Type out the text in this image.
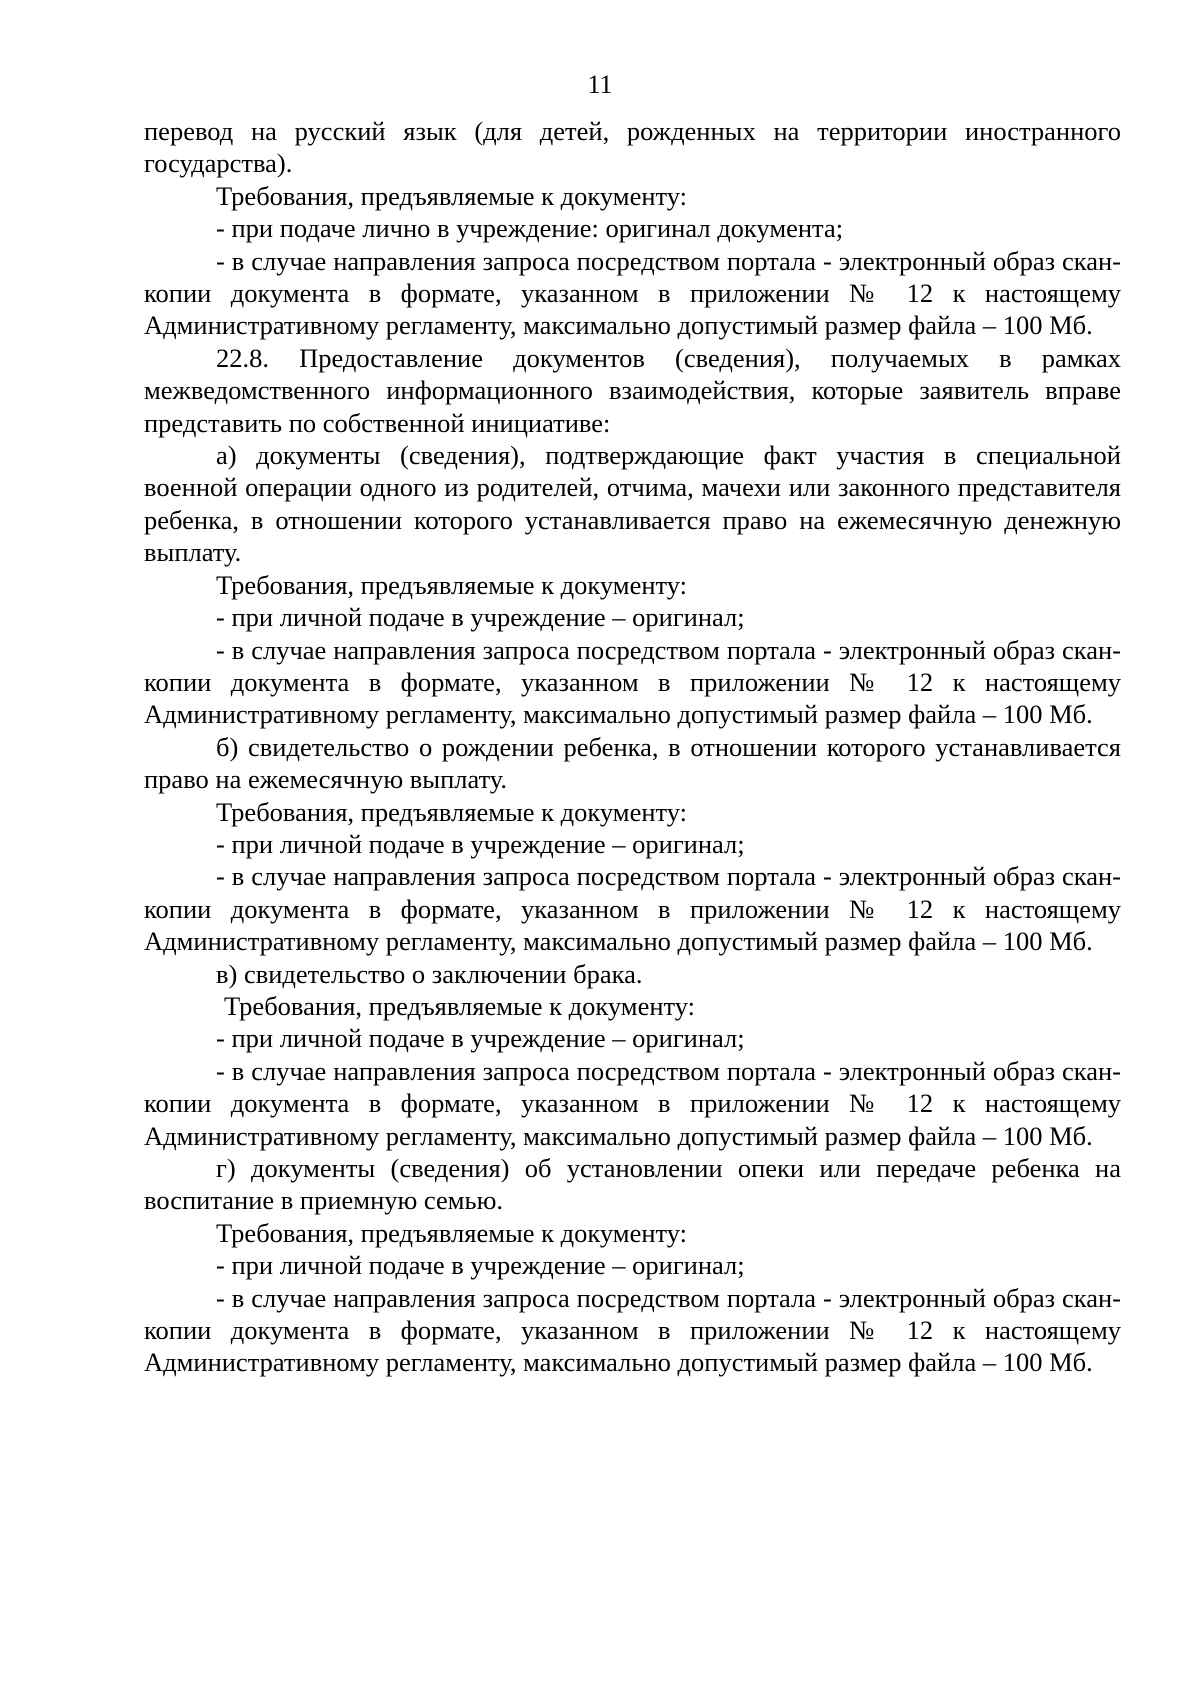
11

перевод на русский язык (для детей, рожденных на территории иностранного государства).

Требования, предъявляемые к документу:

- при подаче лично в учреждение: оригинал документа;

- в случае направления запроса посредством портала - электронный образ скан-копии документа в формате, указанном в приложении № 12 к настоящему Административному регламенту, максимально допустимый размер файла – 100 Мб.

22.8. Предоставление документов (сведения), получаемых в рамках межведомственного информационного взаимодействия, которые заявитель вправе представить по собственной инициативе:

а) документы (сведения), подтверждающие факт участия в специальной военной операции одного из родителей, отчима, мачехи или законного представителя ребенка, в отношении которого устанавливается право на ежемесячную денежную выплату.

Требования, предъявляемые к документу:

- при личной подаче в учреждение – оригинал;

- в случае направления запроса посредством портала - электронный образ скан-копии документа в формате, указанном в приложении № 12 к настоящему Административному регламенту, максимально допустимый размер файла – 100 Мб.

б) свидетельство о рождении ребенка, в отношении которого устанавливается право на ежемесячную выплату.

Требования, предъявляемые к документу:

- при личной подаче в учреждение – оригинал;

- в случае направления запроса посредством портала - электронный образ скан-копии документа в формате, указанном в приложении № 12 к настоящему Административному регламенту, максимально допустимый размер файла – 100 Мб.

в) свидетельство о заключении брака.

Требования, предъявляемые к документу:

- при личной подаче в учреждение – оригинал;

- в случае направления запроса посредством портала - электронный образ скан-копии документа в формате, указанном в приложении № 12 к настоящему Административному регламенту, максимально допустимый размер файла – 100 Мб.

г) документы (сведения) об установлении опеки или передаче ребенка на воспитание в приемную семью.

Требования, предъявляемые к документу:

- при личной подаче в учреждение – оригинал;

- в случае направления запроса посредством портала - электронный образ скан-копии документа в формате, указанном в приложении № 12 к настоящему Административному регламенту, максимально допустимый размер файла – 100 Мб.
